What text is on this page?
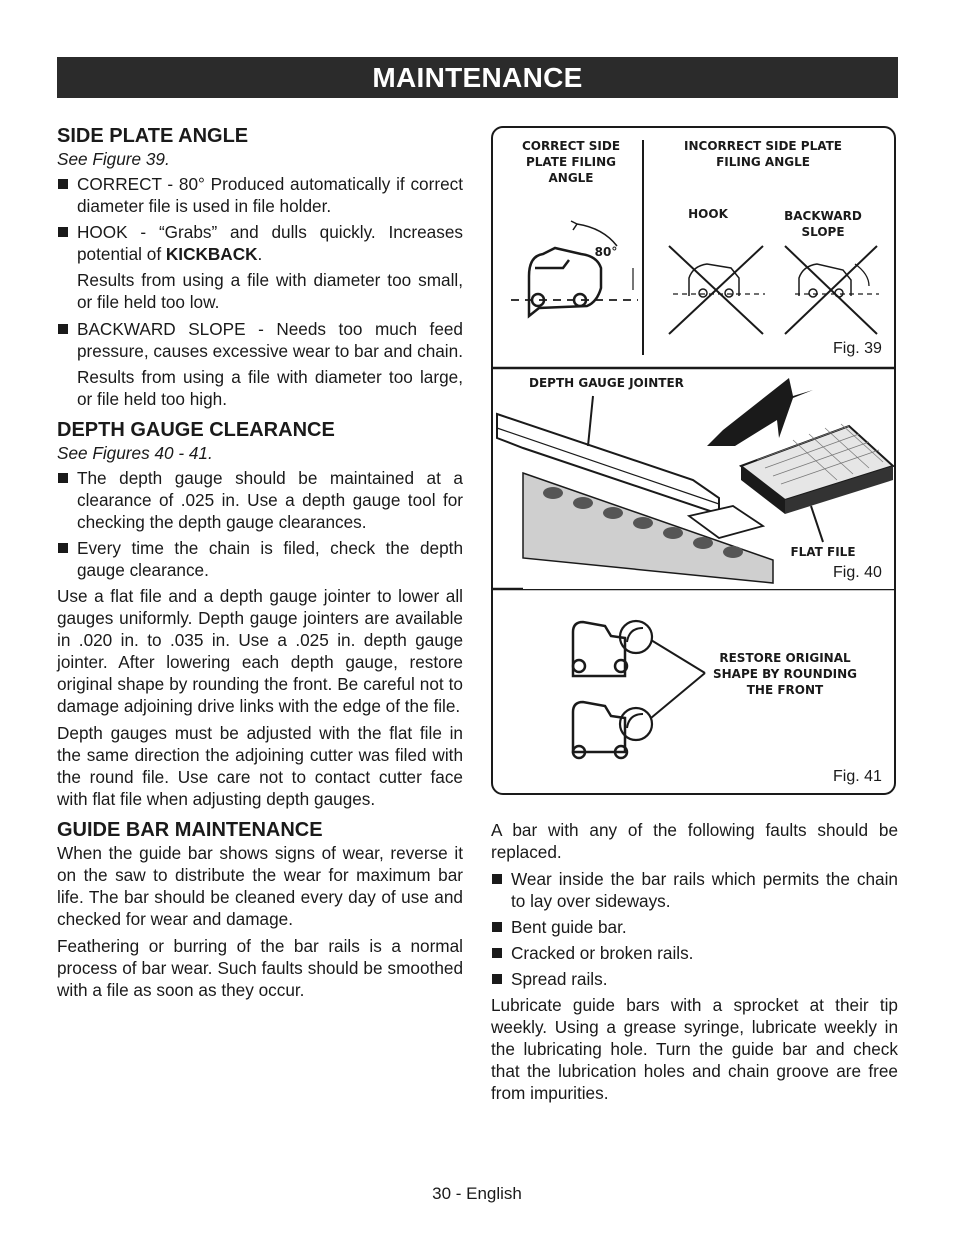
MAINTENANCE
SIDE PLATE ANGLE
See Figure 39.
CORRECT - 80° Produced automatically if correct diameter file is used in file holder.
HOOK - “Grabs” and dulls quickly. Increases potential of KICKBACK.
Results from using a file with diameter too small, or file held too low.
BACKWARD SLOPE - Needs too much feed pressure, causes excessive wear to bar and chain.
Results from using a file with diameter too large, or file held too high.
DEPTH GAUGE CLEARANCE
See Figures 40 - 41.
The depth gauge should be maintained at a clearance of .025 in. Use a depth gauge tool for checking the depth gauge clearances.
Every time the chain is filed, check the depth gauge clearance.

Use a flat file and a depth gauge jointer to lower all gauges uniformly. Depth gauge jointers are available in .020 in. to .035 in. Use a .025 in. depth gauge jointer. After lowering each depth gauge, restore original shape by rounding the front. Be careful not to damage adjoining drive links with the edge of the file.

Depth gauges must be adjusted with the flat file in the same direction the adjoining cutter was filed with the round file. Use care not to contact cutter face with flat file when adjusting depth gauges.

GUIDE BAR MAINTENANCE

When the guide bar shows signs of wear, reverse it on the saw to distribute the wear for maximum bar life. The bar should be cleaned every day of use and checked for wear and damage.

Feathering or burring of the bar rails is a normal process of bar wear. Such faults should be smoothed with a file as soon as they occur.

CORRECT SIDE
PLATE FILING
ANGLE
INCORRECT SIDE PLATE
FILING ANGLE
HOOK	BACKWARD
SLOPE
80°
Fig. 39
DEPTH GAUGE JOINTER
FLAT FILE
Fig. 40
RESTORE ORIGINAL
SHAPE BY ROUNDING
THE FRONT
Fig. 41

A bar with any of the following faults should be replaced.

Wear inside the bar rails which permits the chain to lay over sideways.
Bent guide bar.
Cracked or broken rails.
Spread rails.

Lubricate guide bars with a sprocket at their tip weekly. Using a grease syringe, lubricate weekly in the lubricating hole. Turn the guide bar and check that the lubrication holes and chain groove are free from impurities.

30 - English
